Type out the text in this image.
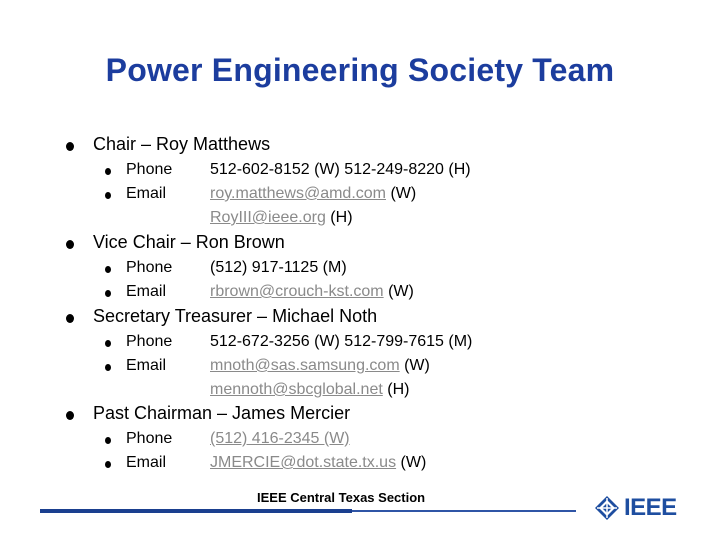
Power Engineering Society Team
Chair – Roy Matthews
Phone 512-602-8152 (W) 512-249-8220 (H)
Email	roy.matthews@amd.com (W)
RoyIII@ieee.org (H)
Vice Chair – Ron Brown
Phone (512) 917-1125 (M)
Email	rbrown@crouch-kst.com (W)
Secretary Treasurer – Michael Noth
Phone 512-672-3256 (W) 512-799-7615 (M)
Email	mnoth@sas.samsung.com (W)
mennoth@sbcglobal.net (H)
Past Chairman – James Mercier
Phone (512) 416-2345 (W)
Email	JMERCIE@dot.state.tx.us (W)
IEEE Central Texas Section	IEEE
